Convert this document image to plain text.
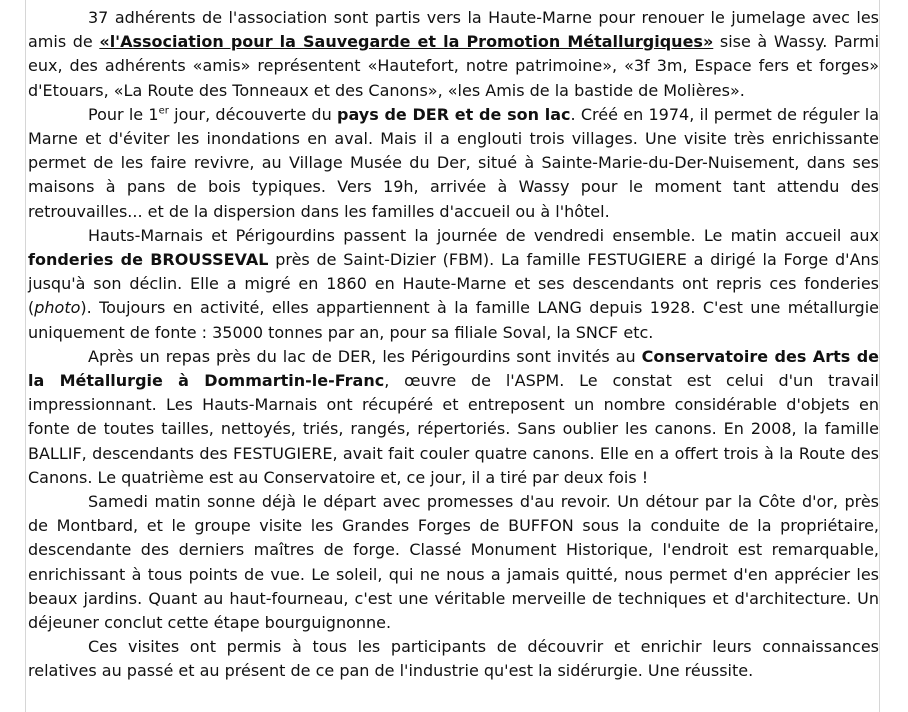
37 adhérents de l'association sont partis vers la Haute-Marne pour renouer le jumelage avec les amis de «l'Association pour la Sauvegarde et la Promotion Métallurgiques» sise à Wassy. Parmi eux, des adhérents «amis» représentent «Hautefort, notre patrimoine», «3f 3m, Espace fers et forges» d'Etouars, «La Route des Tonneaux et des Canons», «les Amis de la bastide de Molières».

Pour le 1er jour, découverte du pays de DER et de son lac. Créé en 1974, il permet de réguler la Marne et d'éviter les inondations en aval. Mais il a englouti trois villages. Une visite très enrichissante permet de les faire revivre, au Village Musée du Der, situé à Sainte-Marie-du-Der-Nuisement, dans ses maisons à pans de bois typiques. Vers 19h, arrivée à Wassy pour le moment tant attendu des retrouvailles... et de la dispersion dans les familles d'accueil ou à l'hôtel.

Hauts-Marnais et Périgourdins passent la journée de vendredi ensemble. Le matin accueil aux fonderies de BROUSSEVAL près de Saint-Dizier (FBM). La famille FESTUGIERE a dirigé la Forge d'Ans jusqu'à son déclin. Elle a migré en 1860 en Haute-Marne et ses descendants ont repris ces fonderies (photo). Toujours en activité, elles appartiennent à la famille LANG depuis 1928. C'est une métallurgie uniquement de fonte : 35000 tonnes par an, pour sa filiale Soval, la SNCF etc.

Après un repas près du lac de DER, les Périgourdins sont invités au Conservatoire des Arts de la Métallurgie à Dommartin-le-Franc, œuvre de l'ASPM. Le constat est celui d'un travail impressionnant. Les Hauts-Marnais ont récupéré et entreposent un nombre considérable d'objets en fonte de toutes tailles, nettoyés, triés, rangés, répertoriés. Sans oublier les canons. En 2008, la famille BALLIF, descendants des FESTUGIERE, avait fait couler quatre canons. Elle en a offert trois à la Route des Canons. Le quatrième est au Conservatoire et, ce jour, il a tiré par deux fois !

Samedi matin sonne déjà le départ avec promesses d'au revoir. Un détour par la Côte d'or, près de Montbard, et le groupe visite les Grandes Forges de BUFFON sous la conduite de la propriétaire, descendante des derniers maîtres de forge. Classé Monument Historique, l'endroit est remarquable, enrichissant à tous points de vue. Le soleil, qui ne nous a jamais quitté, nous permet d'en apprécier les beaux jardins. Quant au haut-fourneau, c'est une véritable merveille de techniques et d'architecture. Un déjeuner conclut cette étape bourguignonne.

Ces visites ont permis à tous les participants de découvrir et enrichir leurs connaissances relatives au passé et au présent de ce pan de l'industrie qu'est la sidérurgie. Une réussite.
